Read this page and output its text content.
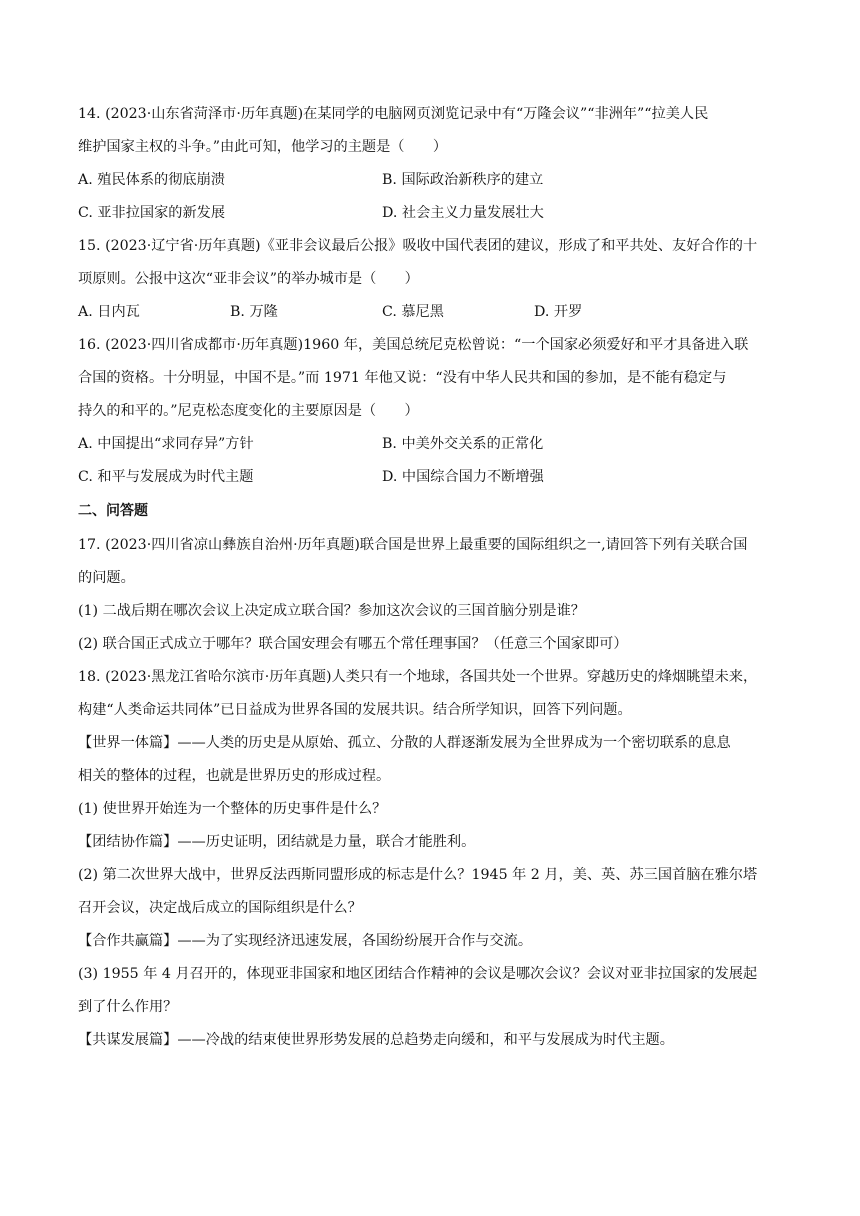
14. (2023·山东省菏泽市·历年真题)在某同学的电脑网页浏览记录中有“万隆会议”“非洲年”“拉美人民

维护国家主权的斗争。”由此可知，他学习的主题是（　　）

A. 殖民体系的彻底崩溃	B. 国际政治新秩序的建立
C. 亚非拉国家的新发展	D. 社会主义力量发展壮大

15. (2023·辽宁省·历年真题)《亚非会议最后公报》吸收中国代表团的建议，形成了和平共处、友好合作的十

项原则。公报中这次“亚非会议”的举办城市是（　　）

A. 日内瓦	B. 万隆	C. 慕尼黑	D. 开罗

16. (2023·四川省成都市·历年真题)1960 年，美国总统尼克松曾说：“一个国家必须爱好和平才具备进入联

合国的资格。十分明显，中国不是。”而 1971 年他又说：“没有中华人民共和国的参加，是不能有稳定与

持久的和平的。”尼克松态度变化的主要原因是（　　）

A. 中国提出“求同存异”方针	B. 中美外交关系的正常化
C. 和平与发展成为时代主题	D. 中国综合国力不断增强

二、问答题

17. (2023·四川省凉山彝族自治州·历年真题)联合国是世界上最重要的国际组织之一,请回答下列有关联合国

的问题。

(1) 二战后期在哪次会议上决定成立联合国？参加这次会议的三国首脑分别是谁？

(2) 联合国正式成立于哪年？联合国安理会有哪五个常任理事国？（任意三个国家即可）

18. (2023·黑龙江省哈尔滨市·历年真题)人类只有一个地球，各国共处一个世界。穿越历史的烽烟眺望未来，

构建“人类命运共同体”已日益成为世界各国的发展共识。结合所学知识，回答下列问题。

【世界一体篇】——人类的历史是从原始、孤立、分散的人群逐渐发展为全世界成为一个密切联系的息息

相关的整体的过程，也就是世界历史的形成过程。

(1) 使世界开始连为一个整体的历史事件是什么？

【团结协作篇】——历史证明，团结就是力量，联合才能胜利。

(2) 第二次世界大战中，世界反法西斯同盟形成的标志是什么？1945 年 2 月，美、英、苏三国首脑在雅尔塔

召开会议，决定战后成立的国际组织是什么？

【合作共赢篇】——为了实现经济迅速发展，各国纷纷展开合作与交流。

(3) 1955 年 4 月召开的，体现亚非国家和地区团结合作精神的会议是哪次会议？会议对亚非拉国家的发展起

到了什么作用？

【共谋发展篇】——冷战的结束使世界形势发展的总趋势走向缓和，和平与发展成为时代主题。
